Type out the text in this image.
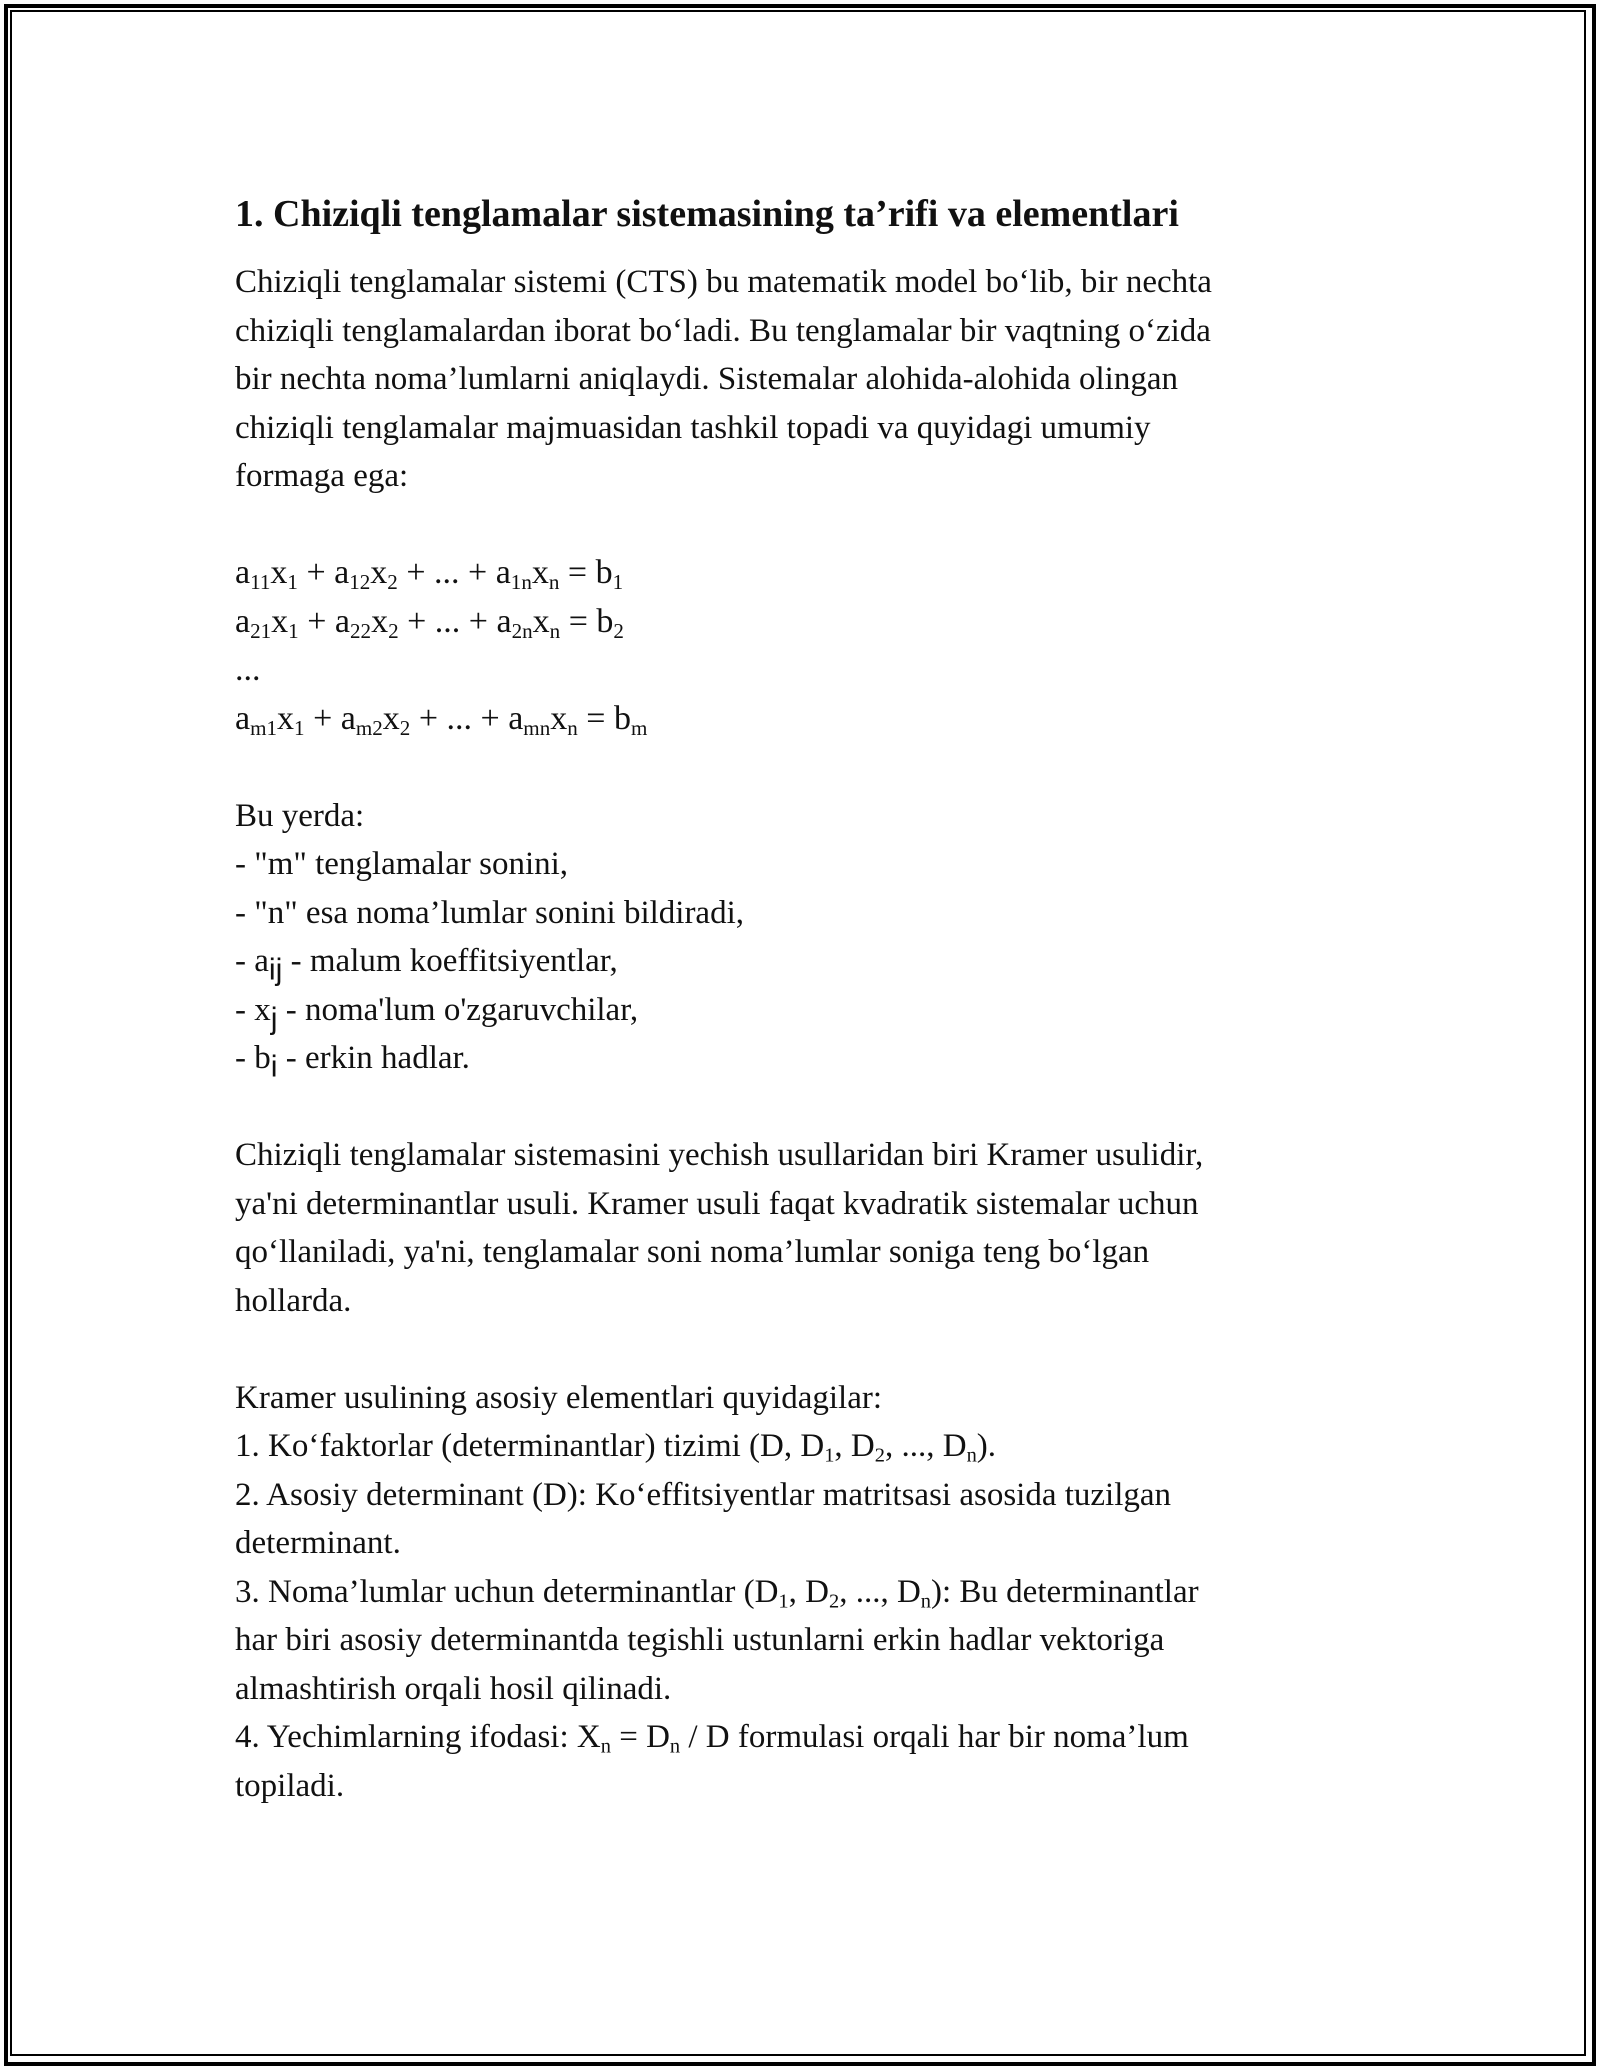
1. Chiziqli tenglamalar sistemasining ta’rifi va elementlari

Chiziqli tenglamalar sistemi (CTS) bu matematik model bo‘lib, bir nechta

chiziqli tenglamalardan iborat bo‘ladi. Bu tenglamalar bir vaqtning o‘zida

bir nechta noma’lumlarni aniqlaydi. Sistemalar alohida-alohida olingan

chiziqli tenglamalar majmuasidan tashkil topadi va quyidagi umumiy

formaga ega:

$a_{11}x_1 + a_{12}x_2$ + ... + $a_{1n}x_n = b_1$

$a_{21}x_1 + a_{22}x_2$ + ... + $a_{2n}x_n = b_2$

...

$a_{m1}x_1 + a_{m2}x_2$ + ... + $a_{mn}x_n = b_m$

Bu yerda:

- "m" tenglamalar sonini,

- "n" esa noma’lumlar sonini bildiradi,

- $a_{ij}$ - malum koeffitsiyentlar,

- $x_j$ - noma'lum o'zgaruvchilar,

- $b_i$ - erkin hadlar.

Chiziqli tenglamalar sistemasini yechish usullaridan biri Kramer usulidir,

ya'ni determinantlar usuli. Kramer usuli faqat kvadratik sistemalar uchun

qo‘llaniladi, ya'ni, tenglamalar soni noma’lumlar soniga teng bo‘lgan

hollarda.

Kramer usulining asosiy elementlari quyidagilar:

1. Ko‘faktorlar (determinantlar) tizimi (D, $D_1$, $D_2$, ..., $D_n$).

2. Asosiy determinant (D): Ko‘effitsiyentlar matritsasi asosida tuzilgan

determinant.

3. Noma’lumlar uchun determinantlar ($D_1$, $D_2$, ..., $D_n$): Bu determinantlar

har biri asosiy determinantda tegishli ustunlarni erkin hadlar vektoriga

almashtirish orqali hosil qilinadi.

4. Yechimlarning ifodasi: $X_n = D_n / D$ formulasi orqali har bir noma’lum

topiladi.
